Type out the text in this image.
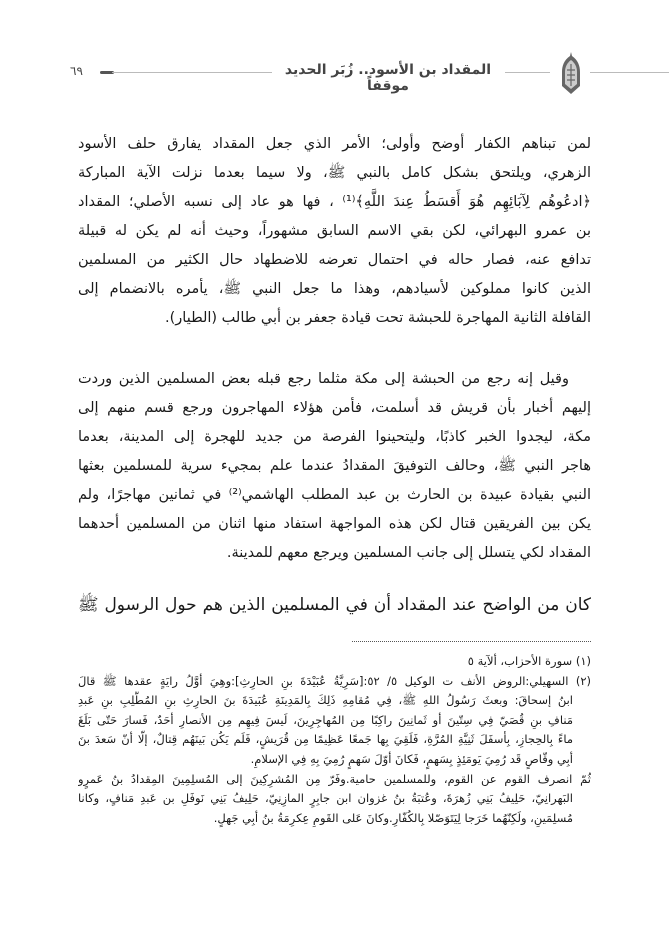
٦٩	المقداد بن الأسود.. زُبَر الحديد موقفاً
لمن تبناهم الكفار أوضح وأولى؛ الأمر الذي جعل المقداد يفارق حلف الأسود
الزهري، ويلتحق بشكل كامل بالنبي ﷺ، ولا سيما بعدما نزلت الآية المباركة
﴿ادعُوهُم لِآبَائِهِم هُوَ أَقسَطُ عِندَ اللَّهِ﴾⁽¹⁾ ، فها هو عاد إلى نسبه الأصلي؛ المقداد
بن عمرو البهرائي، لكن بقي الاسم السابق مشهوراً، وحيث أنه لم يكن له قبيلة
تدافع عنه، فصار حاله في احتمال تعرضه للاضطهاد حال الكثير من المسلمين
الذين كانوا مملوكين لأسيادهم، وهذا ما جعل النبي ﷺ، يأمره بالانضمام إلى
القافلة الثانية المهاجرة للحبشة تحت قيادة جعفر بن أبي طالب (الطيار).
وقيل إنه رجع من الحبشة إلى مكة مثلما رجع قبله بعض المسلمين الذين وردت
إليهم أخبار بأن قريش قد أسلمت، فأمن هؤلاء المهاجرون ورجع قسم منهم إلى
مكة، ليجدوا الخبر كاذبًا، وليتحينوا الفرصة من جديد للهجرة إلى المدينة، بعدما
هاجر النبي ﷺ، وحالف التوفيقَ المقدادُ عندما علم بمجيء سرية للمسلمين بعثها
النبي بقيادة عبيدة بن الحارث بن عبد المطلب الهاشمي⁽²⁾ في ثمانين مهاجرًا، ولم
يكن بين الفريقين قتال لكن هذه المواجهة استفاد منها اثنان من المسلمين أحدهما
المقداد لكي يتسلل إلى جانب المسلمين ويرجع معهم للمدينة.
كان من الواضح عند المقداد أن في المسلمين الذين هم حول الرسول ﷺ
(١) سورة الأحزاب، ألآية ٥
(٢) السهيلي:الروض الأنف ت الوكيل ٥/ ٥٢:[سَرِيَّةُ عُبَيْدَةَ بنِ الحارِثِ]:وهِيَ أوَّلُ رايَةٍ عقدها ﷺ قالَ
ابنُ إسحاقَ: وبعثَ رَسُولُ اللهِ ﷺ، فِي مُقامِهِ ذَلِكَ بِالمَدِينَةِ عُبَيدَةَ بنَ الحارِثِ بنِ المُطَّلِبِ بنِ عَبدِ
مَنافِ بنِ قُصَيّ فِي سِتّينَ أو ثَمانِينَ راكِبًا مِن المُهاجِرِينَ، لَيسَ فِيهِم مِن الأنصارِ أحَدٌ، فَسارَ حَتّى بَلَغَ
ماءً بِالحِجازِ، بِأسفَلَ ثَنِيَّةِ المُرَّةِ، فَلَقِيَ بِها جَمعًا عَظِيمًا مِن قُرَيشٍ، فَلَم يَكُن بَينَهُم قِتالٌ، إلّا أنّ سَعدَ بنَ
أبِي وقّاصٍ قَد رُمِيَ يَومَئِذٍ بِسَهمٍ، فَكانَ أوّلَ سَهمٍ رُمِيَ بِهِ فِي الإسلامِ.
ثُمّ انصرف القوم عن القوم، وللمسلمين حامية.وفَرّ مِن المُشرِكِينَ إلى المُسلِمِينَ المِقدادُ بنُ عَمرٍو
البَهرانِيّ، حَلِيفُ بَنِي زُهرَةَ، وعُتبَةُ بنُ غزوان ابن جابِرٍ المازِنِيّ، حَلِيفُ بَنِي نَوفَلِ بن عَبدِ مَنافٍ، وكانا
مُسلِمَينِ، ولَكِنّهُما خَرَجا لِيَتَوَصّلا بِالكُفّارِ.وكانَ عَلى القَومِ عِكرِمَةُ بنُ أبِي جَهلٍ.
